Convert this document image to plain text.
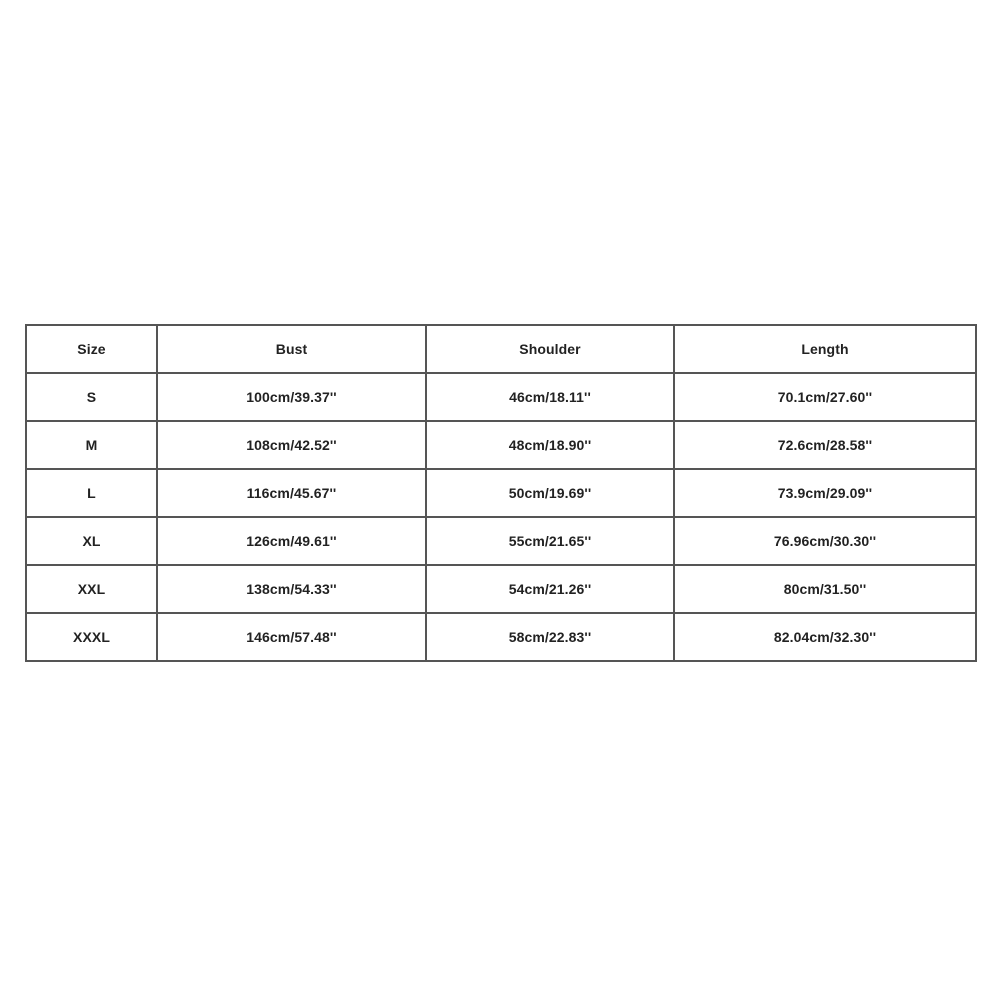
Size	Bust	Shoulder	Length
S	100cm/39.37''	46cm/18.11''	70.1cm/27.60''
M	108cm/42.52''	48cm/18.90''	72.6cm/28.58''
L	116cm/45.67''	50cm/19.69''	73.9cm/29.09''
XL	126cm/49.61''	55cm/21.65''	76.96cm/30.30''
XXL	138cm/54.33''	54cm/21.26''	80cm/31.50''
XXXL	146cm/57.48''	58cm/22.83''	82.04cm/32.30''
